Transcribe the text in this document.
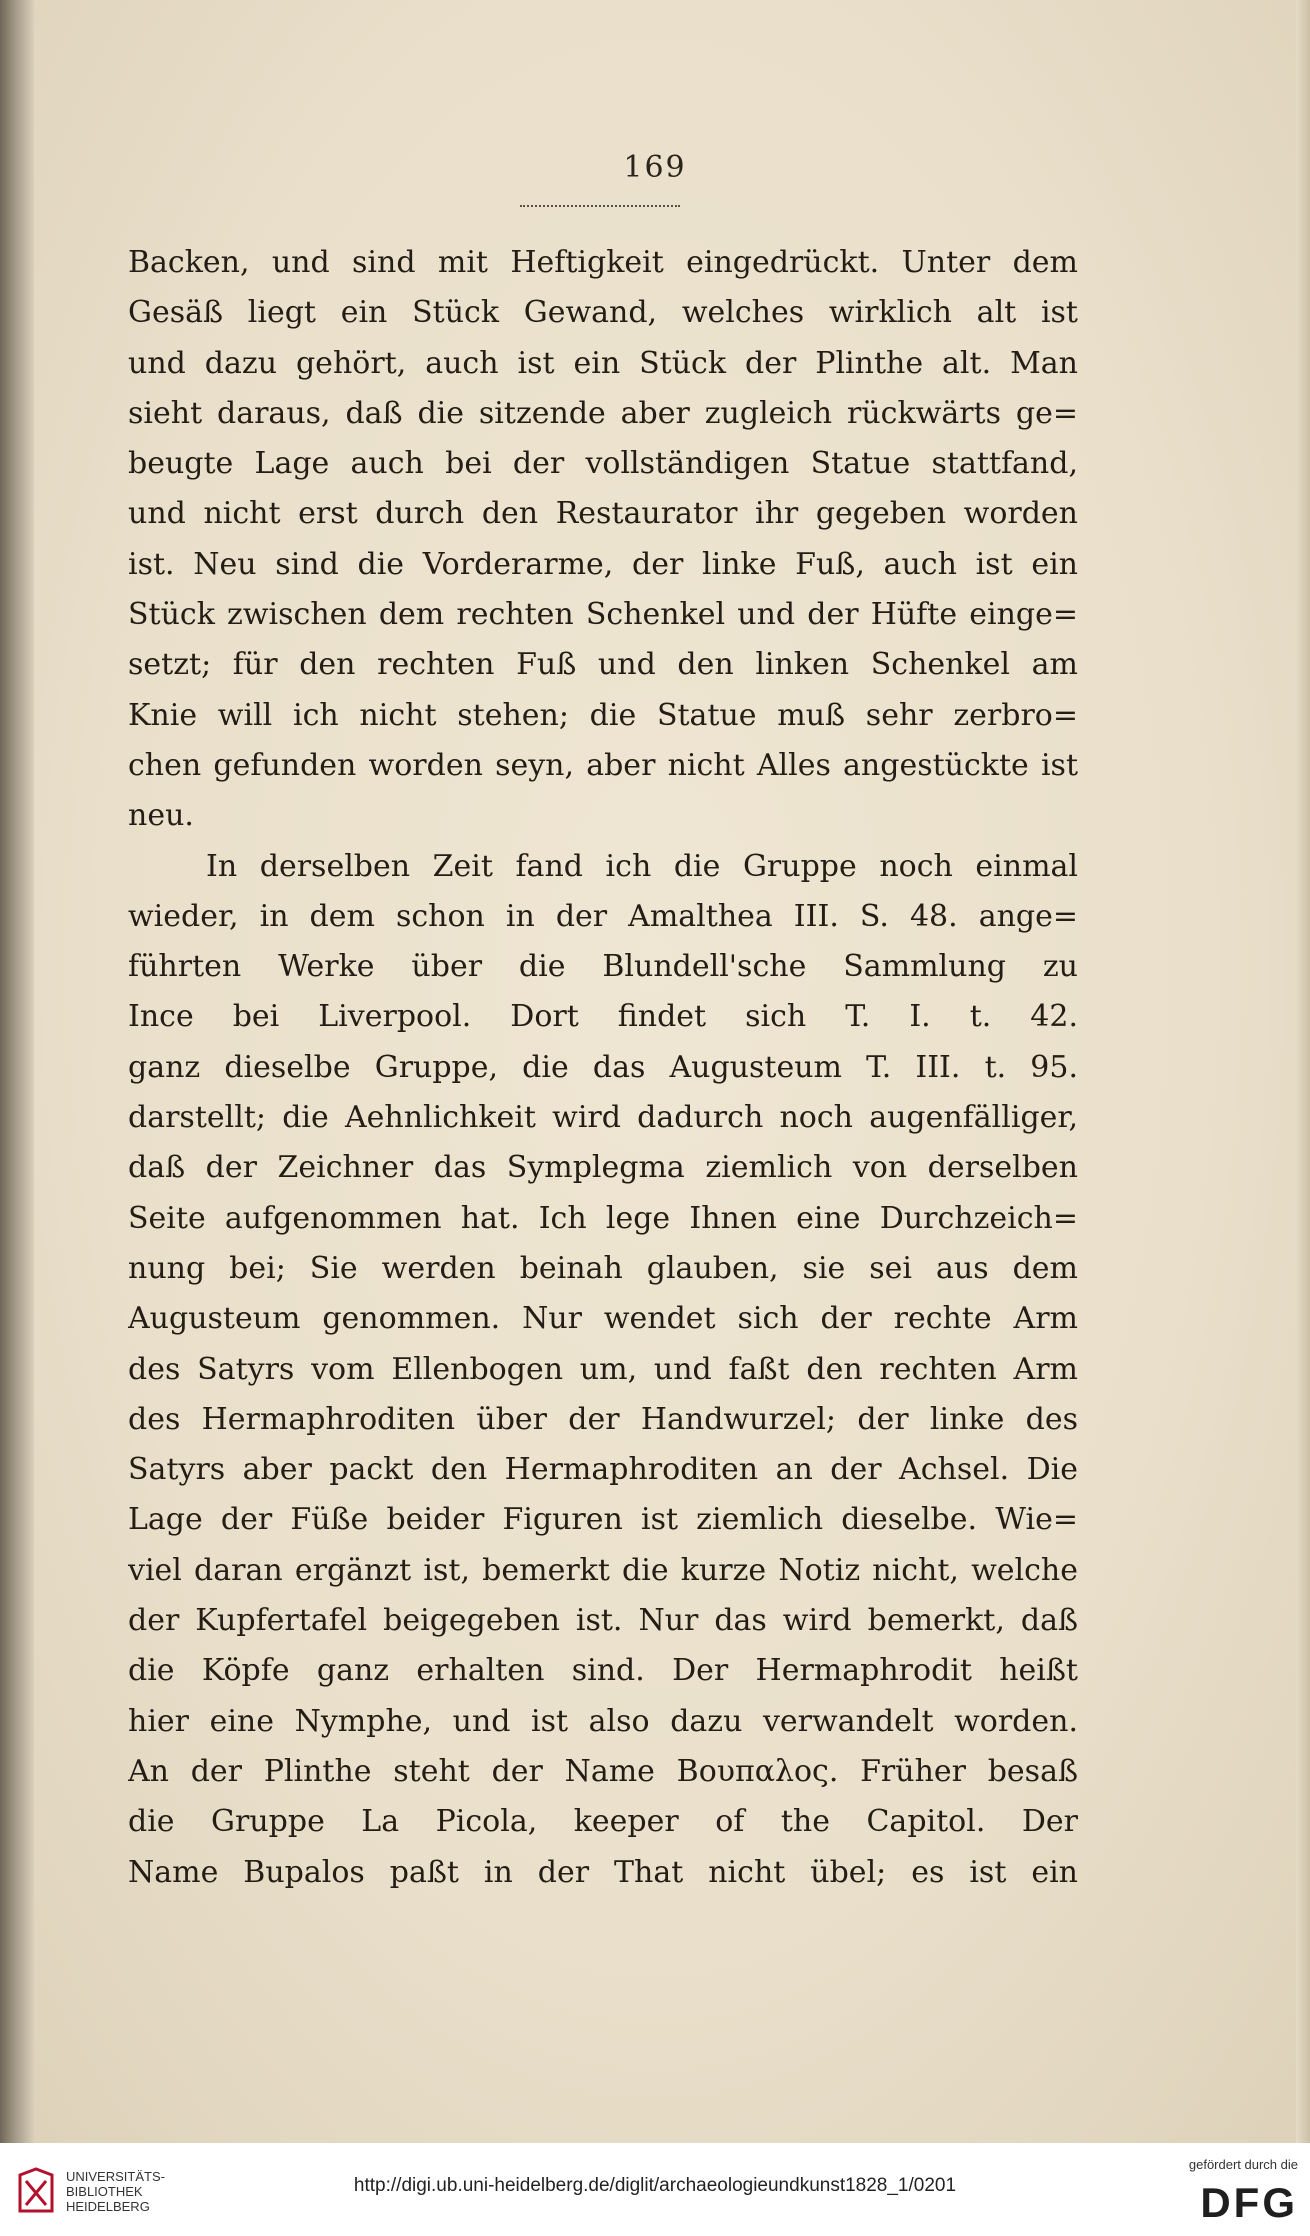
169
Backen, und sind mit Heftigkeit eingedrückt. Unter dem
Gesäß liegt ein Stück Gewand, welches wirklich alt ist
und dazu gehört, auch ist ein Stück der Plinthe alt. Man
sieht daraus, daß die sitzende aber zugleich rückwärts ge=
beugte Lage auch bei der vollständigen Statue stattfand,
und nicht erst durch den Restaurator ihr gegeben worden
ist. Neu sind die Vorderarme, der linke Fuß, auch ist ein
Stück zwischen dem rechten Schenkel und der Hüfte einge=
setzt; für den rechten Fuß und den linken Schenkel am
Knie will ich nicht stehen; die Statue muß sehr zerbro=
chen gefunden worden seyn, aber nicht Alles angestückte ist
neu.
In derselben Zeit fand ich die Gruppe noch einmal
wieder, in dem schon in der Amalthea III. S. 48. ange=
führten Werke über die Blundell'sche Sammlung zu
Ince bei Liverpool. Dort findet sich T. I. t. 42.
ganz dieselbe Gruppe, die das Augusteum T. III. t. 95.
darstellt; die Aehnlichkeit wird dadurch noch augenfälliger,
daß der Zeichner das Symplegma ziemlich von derselben
Seite aufgenommen hat. Ich lege Ihnen eine Durchzeich=
nung bei; Sie werden beinah glauben, sie sei aus dem
Augusteum genommen. Nur wendet sich der rechte Arm
des Satyrs vom Ellenbogen um, und faßt den rechten Arm
des Hermaphroditen über der Handwurzel; der linke des
Satyrs aber packt den Hermaphroditen an der Achsel. Die
Lage der Füße beider Figuren ist ziemlich dieselbe. Wie=
viel daran ergänzt ist, bemerkt die kurze Notiz nicht, welche
der Kupfertafel beigegeben ist. Nur das wird bemerkt, daß
die Köpfe ganz erhalten sind. Der Hermaphrodit heißt
hier eine Nymphe, und ist also dazu verwandelt worden.
An der Plinthe steht der Name Βουπαλος. Früher besaß
die Gruppe La Picola, keeper of the Capitol. Der
Name Bupalos paßt in der That nicht übel; es ist ein
UNIVERSITÄTS-
BIBLIOTHEK
HEIDELBERG
http://digi.ub.uni-heidelberg.de/diglit/archaeologieundkunst1828_1/0201
gefördert durch die
DFG
